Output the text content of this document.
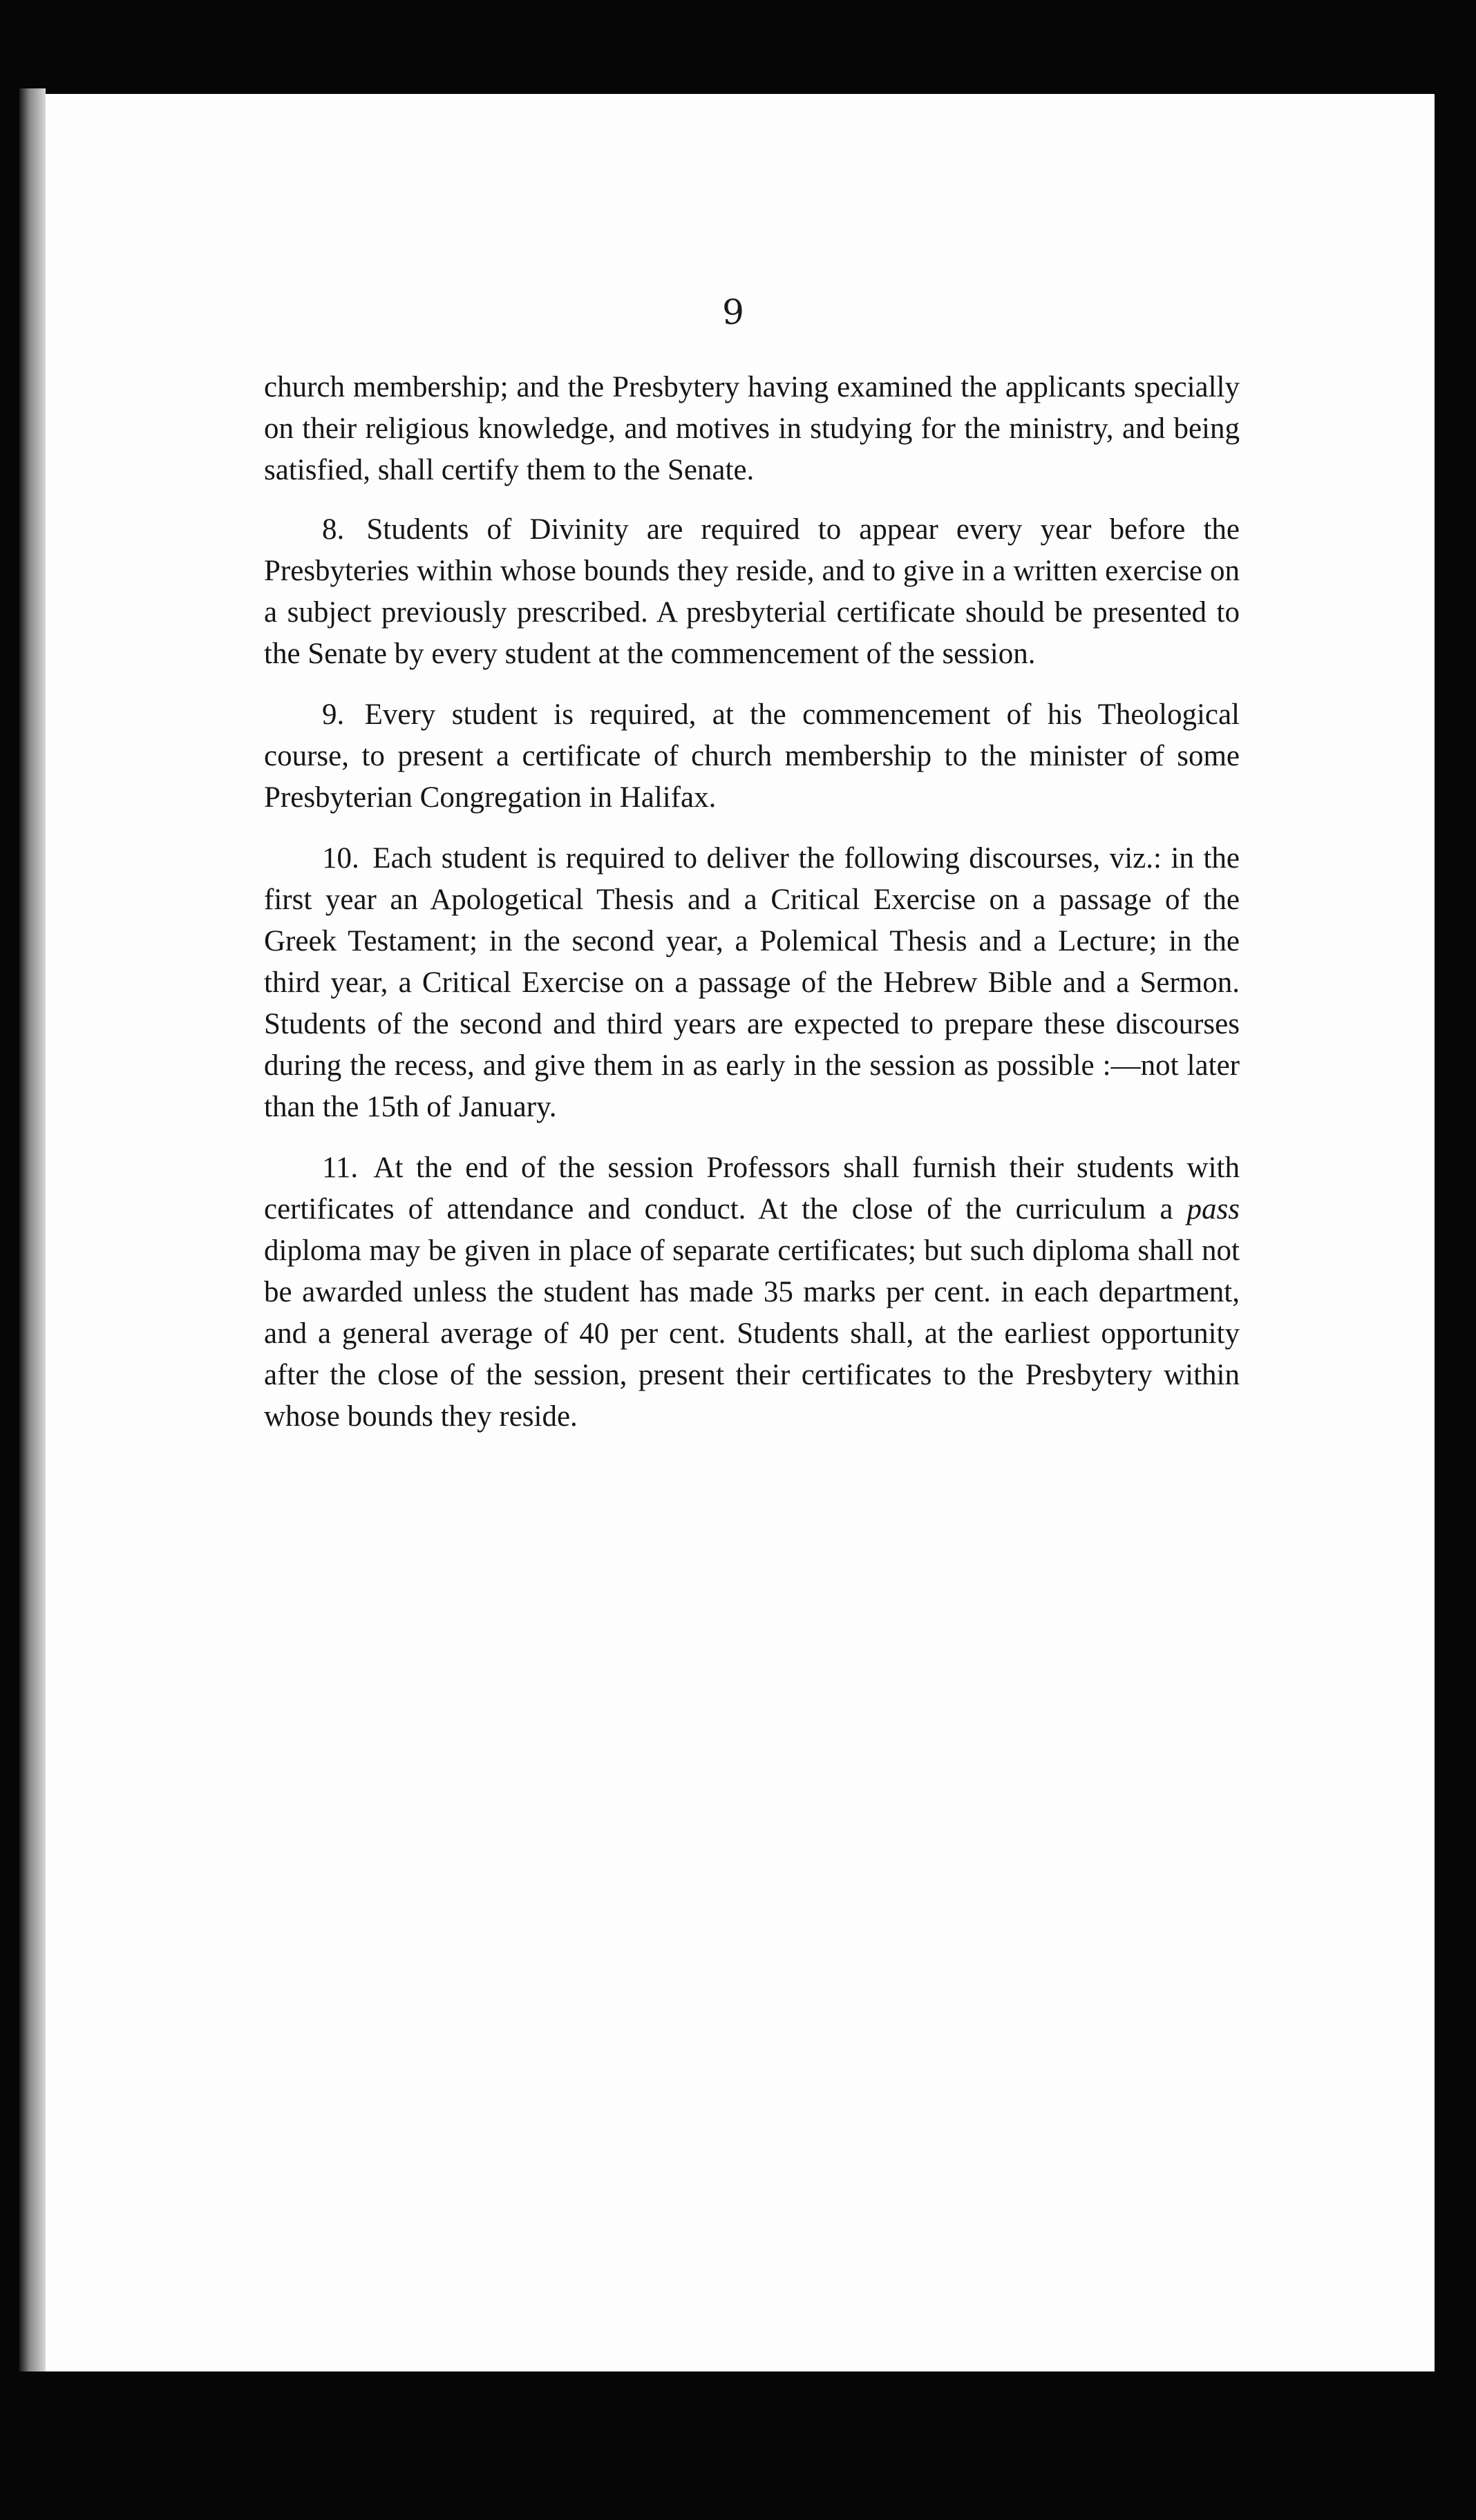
9

church membership; and the Presbytery having examined the applicants specially on their religious knowledge, and motives in studying for the ministry, and being satisfied, shall certify them to the Senate.

8. Students of Divinity are required to appear every year before the Presbyteries within whose bounds they reside, and to give in a written exercise on a subject previously prescribed. A presbyterial certificate should be presented to the Senate by every student at the commencement of the session.

9. Every student is required, at the commencement of his Theological course, to present a certificate of church membership to the minister of some Presbyterian Congregation in Halifax.

10. Each student is required to deliver the following discourses, viz.: in the first year an Apologetical Thesis and a Critical Exercise on a passage of the Greek Testament; in the second year, a Polemical Thesis and a Lecture; in the third year, a Critical Exercise on a passage of the Hebrew Bible and a Sermon. Students of the second and third years are expected to prepare these discourses during the recess, and give them in as early in the session as possible :—not later than the 15th of January.

11. At the end of the session Professors shall furnish their students with certificates of attendance and conduct. At the close of the curriculum a pass diploma may be given in place of separate certificates; but such diploma shall not be awarded unless the student has made 35 marks per cent. in each department, and a general average of 40 per cent. Students shall, at the earliest opportunity after the close of the session, present their certificates to the Presbytery within whose bounds they reside.
